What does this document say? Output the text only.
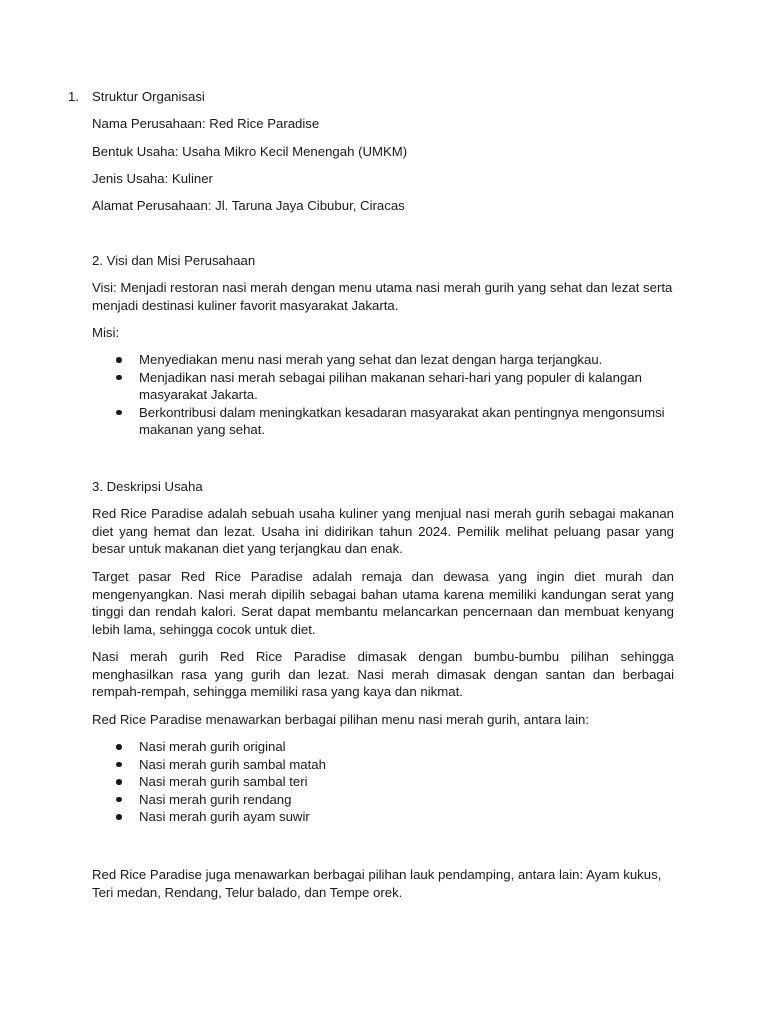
1. Struktur Organisasi

Nama Perusahaan: Red Rice Paradise

Bentuk Usaha: Usaha Mikro Kecil Menengah (UMKM)

Jenis Usaha: Kuliner

Alamat Perusahaan: Jl. Taruna Jaya Cibubur, Ciracas

2. Visi dan Misi Perusahaan

Visi: Menjadi restoran nasi merah dengan menu utama nasi merah gurih yang sehat dan lezat serta menjadi destinasi kuliner favorit masyarakat Jakarta.

Misi:

Menyediakan menu nasi merah yang sehat dan lezat dengan harga terjangkau.
Menjadikan nasi merah sebagai pilihan makanan sehari-hari yang populer di kalangan masyarakat Jakarta.
Berkontribusi dalam meningkatkan kesadaran masyarakat akan pentingnya mengonsumsi makanan yang sehat.

3. Deskripsi Usaha

Red Rice Paradise adalah sebuah usaha kuliner yang menjual nasi merah gurih sebagai makanan diet yang hemat dan lezat. Usaha ini didirikan tahun 2024. Pemilik melihat peluang pasar yang besar untuk makanan diet yang terjangkau dan enak.

Target pasar Red Rice Paradise adalah remaja dan dewasa yang ingin diet murah dan mengenyangkan. Nasi merah dipilih sebagai bahan utama karena memiliki kandungan serat yang tinggi dan rendah kalori. Serat dapat membantu melancarkan pencernaan dan membuat kenyang lebih lama, sehingga cocok untuk diet.

Nasi merah gurih Red Rice Paradise dimasak dengan bumbu-bumbu pilihan sehingga menghasilkan rasa yang gurih dan lezat. Nasi merah dimasak dengan santan dan berbagai rempah-rempah, sehingga memiliki rasa yang kaya dan nikmat.

Red Rice Paradise menawarkan berbagai pilihan menu nasi merah gurih, antara lain:

Nasi merah gurih original
Nasi merah gurih sambal matah
Nasi merah gurih sambal teri
Nasi merah gurih rendang
Nasi merah gurih ayam suwir

Red Rice Paradise juga menawarkan berbagai pilihan lauk pendamping, antara lain: Ayam kukus, Teri medan, Rendang, Telur balado, dan Tempe orek.
